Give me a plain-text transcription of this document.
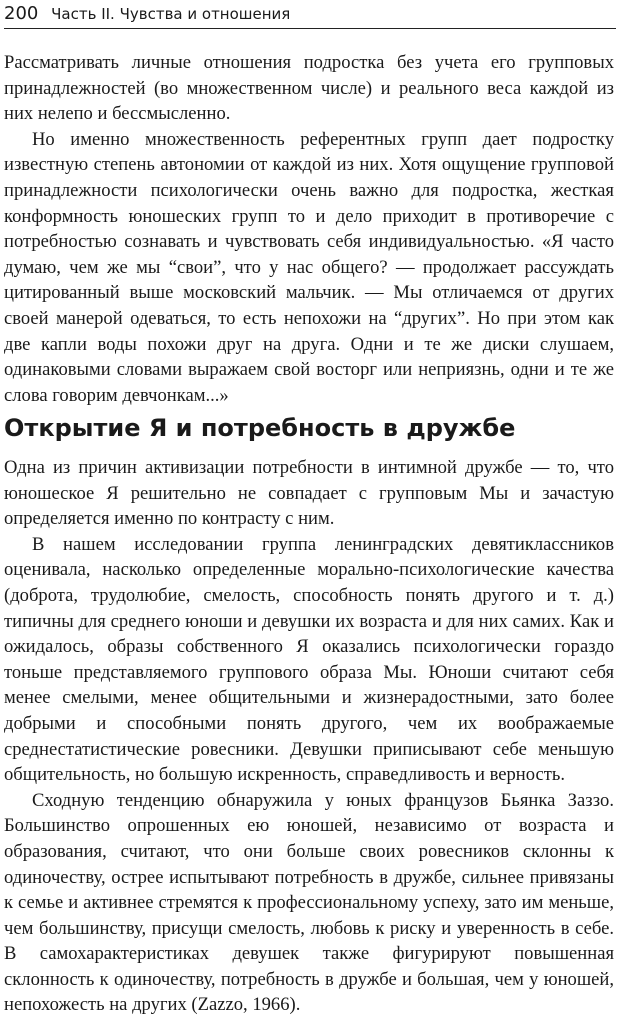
200 Часть II. Чувства и отношения

Рассматривать личные отношения подростка без учета его групповых принадлежностей (во множественном числе) и реального веса каждой из них нелепо и бессмысленно.

Но именно множественность референтных групп дает подростку известную степень автономии от каждой из них. Хотя ощущение групповой принадлежности психологически очень важно для подростка, жесткая конформность юношеских групп то и дело приходит в противоречие с потребностью сознавать и чувствовать себя индивидуальностью. «Я часто думаю, чем же мы “свои”, что у нас общего? — продолжает рассуждать цитированный выше московский мальчик. — Мы отличаемся от других своей манерой одеваться, то есть непохожи на “других”. Но при этом как две капли воды похожи друг на друга. Одни и те же диски слушаем, одинаковыми словами выражаем свой восторг или неприязнь, одни и те же слова говорим девчонкам...»

Открытие Я и потребность в дружбе

Одна из причин активизации потребности в интимной дружбе — то, что юношеское Я решительно не совпадает с групповым Мы и зачастую определяется именно по контрасту с ним.

В нашем исследовании группа ленинградских девятиклассников оценивала, насколько определенные морально-психологические качества (доброта, трудолюбие, смелость, способность понять другого и т. д.) типичны для среднего юноши и девушки их возраста и для них самих. Как и ожидалось, образы собственного Я оказались психологически гораздо тоньше представляемого группового образа Мы. Юноши считают себя менее смелыми, менее общительными и жизнерадостными, зато более добрыми и способными понять другого, чем их воображаемые среднестатистические ровесники. Девушки приписывают себе меньшую общительность, но большую искренность, справедливость и верность.

Сходную тенденцию обнаружила у юных французов Бьянка Заззо. Большинство опрошенных ею юношей, независимо от возраста и образования, считают, что они больше своих ровесников склонны к одиночеству, острее испытывают потребность в дружбе, сильнее привязаны к семье и активнее стремятся к профессиональному успеху, зато им меньше, чем большинству, присущи смелость, любовь к риску и уверенность в себе. В самохарактеристиках девушек также фигурируют повышенная склонность к одиночеству, потребность в дружбе и большая, чем у юношей, непохожесть на других (Zazzo, 1966).
